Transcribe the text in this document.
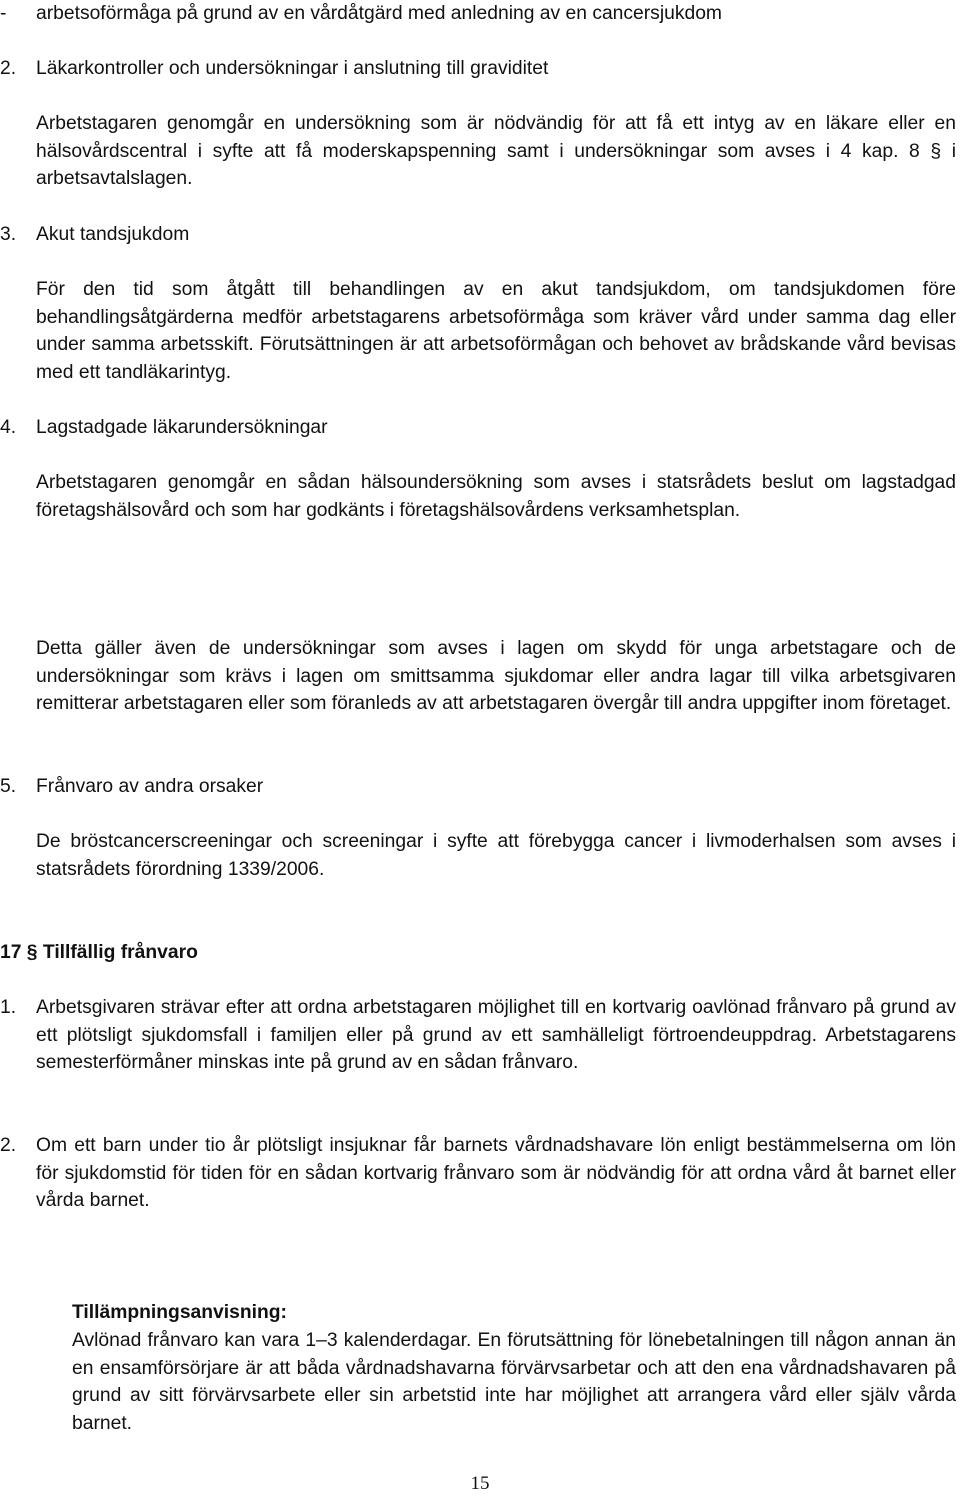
- arbetsoförmåga på grund av en vårdåtgärd med anledning av en cancersjukdom
2. Läkarkontroller och undersökningar i anslutning till graviditet
Arbetstagaren genomgår en undersökning som är nödvändig för att få ett intyg av en läkare eller en hälsovårdscentral i syfte att få moderskapspenning samt i undersökningar som avses i 4 kap. 8 § i arbetsavtalslagen.
3. Akut tandsjukdom
För den tid som åtgått till behandlingen av en akut tandsjukdom, om tandsjukdomen före behandlingsåtgärderna medför arbetstagarens arbetsoförmåga som kräver vård under samma dag eller under samma arbetsskift. Förutsättningen är att arbetsoförmågan och behovet av brådskande vård bevisas med ett tandläkarintyg.
4. Lagstadgade läkarundersökningar
Arbetstagaren genomgår en sådan hälsoundersökning som avses i statsrådets beslut om lagstadgad företagshälsovård och som har godkänts i företagshälsovårdens verksamhetsplan.
Detta gäller även de undersökningar som avses i lagen om skydd för unga arbetstagare och de undersökningar som krävs i lagen om smittsamma sjukdomar eller andra lagar till vilka arbetsgivaren remitterar arbetstagaren eller som föranleds av att arbetstagaren övergår till andra uppgifter inom företaget.
5. Frånvaro av andra orsaker
De bröstcancerscreeningar och screeningar i syfte att förebygga cancer i livmoderhalsen som avses i statsrådets förordning 1339/2006.
17 § Tillfällig frånvaro
1. Arbetsgivaren strävar efter att ordna arbetstagaren möjlighet till en kortvarig oavlönad frånvaro på grund av ett plötsligt sjukdomsfall i familjen eller på grund av ett samhälleligt förtroendeuppdrag. Arbetstagarens semesterförmåner minskas inte på grund av en sådan frånvaro.
2. Om ett barn under tio år plötsligt insjuknar får barnets vårdnadshavare lön enligt bestämmelserna om lön för sjukdomstid för tiden för en sådan kortvarig frånvaro som är nödvändig för att ordna vård åt barnet eller vårda barnet.
Tillämpningsanvisning:
Avlönad frånvaro kan vara 1–3 kalenderdagar. En förutsättning för lönebetalningen till någon annan än en ensamförsörjare är att båda vårdnadshavarna förvärvsarbetar och att den ena vårdnadshavaren på grund av sitt förvärvsarbete eller sin arbetstid inte har möjlighet att arrangera vård eller själv vårda barnet.
15
